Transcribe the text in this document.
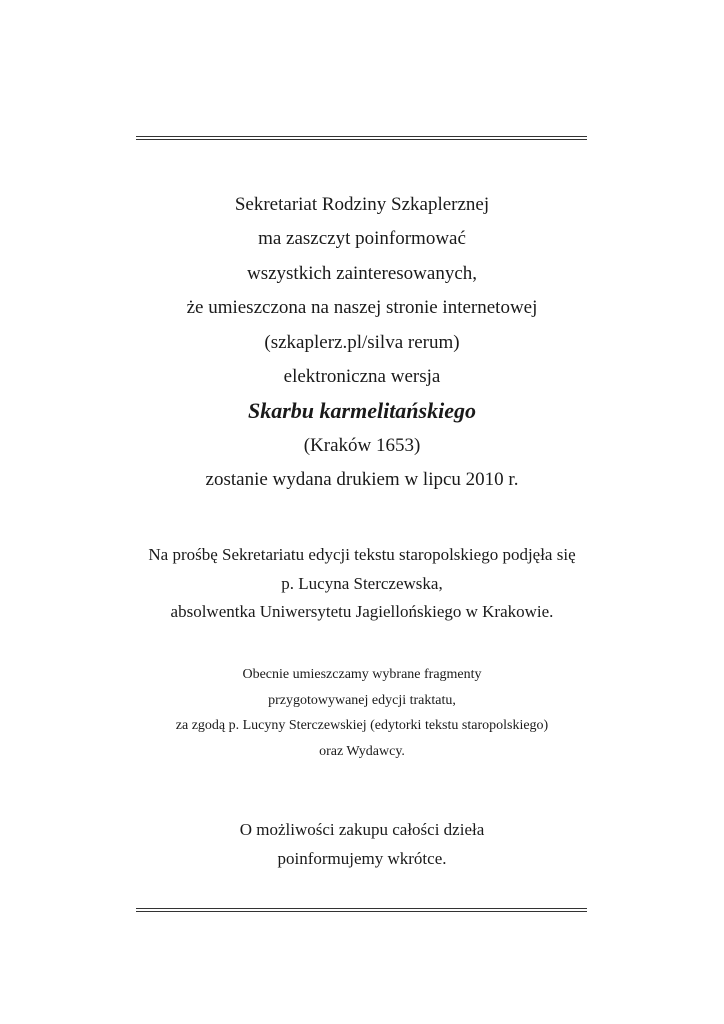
Sekretariat Rodziny Szkaplerznej
ma zaszczyt poinformować
wszystkich zainteresowanych,
że umieszczona na naszej stronie internetowej
(szkaplerz.pl/silva rerum)
elektroniczna wersja
Skarbu karmelitańskiego
(Kraków 1653)
zostanie wydana drukiem w lipcu 2010 r.
Na prośbę Sekretariatu edycji tekstu staropolskiego podjęła się
p. Lucyna Sterczewska,
absolwentka Uniwersytetu Jagiellońskiego w Krakowie.
Obecnie umieszczamy wybrane fragmenty
przygotowywanej edycji traktatu,
za zgodą p. Lucyny Sterczewskiej (edytorki tekstu staropolskiego)
oraz Wydawcy.
O możliwości zakupu całości dzieła
poinformujemy wkrótce.
